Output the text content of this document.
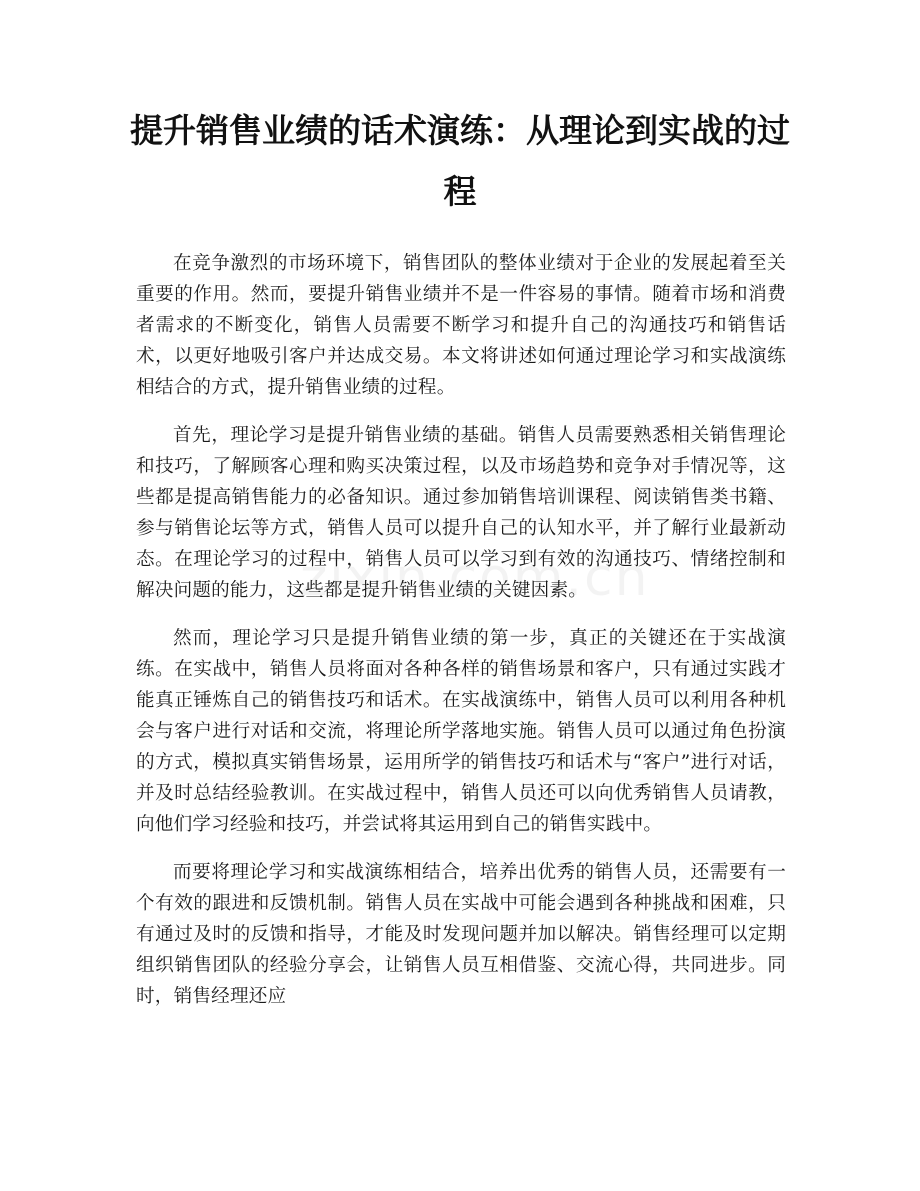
提升销售业绩的话术演练：从理论到实战的过程

在竞争激烈的市场环境下，销售团队的整体业绩对于企业的发展起着至关重要的作用。然而，要提升销售业绩并不是一件容易的事情。随着市场和消费者需求的不断变化，销售人员需要不断学习和提升自己的沟通技巧和销售话术，以更好地吸引客户并达成交易。本文将讲述如何通过理论学习和实战演练相结合的方式，提升销售业绩的过程。

首先，理论学习是提升销售业绩的基础。销售人员需要熟悉相关销售理论和技巧，了解顾客心理和购买决策过程，以及市场趋势和竞争对手情况等，这些都是提高销售能力的必备知识。通过参加销售培训课程、阅读销售类书籍、参与销售论坛等方式，销售人员可以提升自己的认知水平，并了解行业最新动态。在理论学习的过程中，销售人员可以学习到有效的沟通技巧、情绪控制和解决问题的能力，这些都是提升销售业绩的关键因素。

然而，理论学习只是提升销售业绩的第一步，真正的关键还在于实战演练。在实战中，销售人员将面对各种各样的销售场景和客户，只有通过实践才能真正锤炼自己的销售技巧和话术。在实战演练中，销售人员可以利用各种机会与客户进行对话和交流，将理论所学落地实施。销售人员可以通过角色扮演的方式，模拟真实销售场景，运用所学的销售技巧和话术与“客户”进行对话，并及时总结经验教训。在实战过程中，销售人员还可以向优秀销售人员请教，向他们学习经验和技巧，并尝试将其运用到自己的销售实践中。

而要将理论学习和实战演练相结合，培养出优秀的销售人员，还需要有一个有效的跟进和反馈机制。销售人员在实战中可能会遇到各种挑战和困难，只有通过及时的反馈和指导，才能及时发现问题并加以解决。销售经理可以定期组织销售团队的经验分享会，让销售人员互相借鉴、交流心得，共同进步。同时，销售经理还应
